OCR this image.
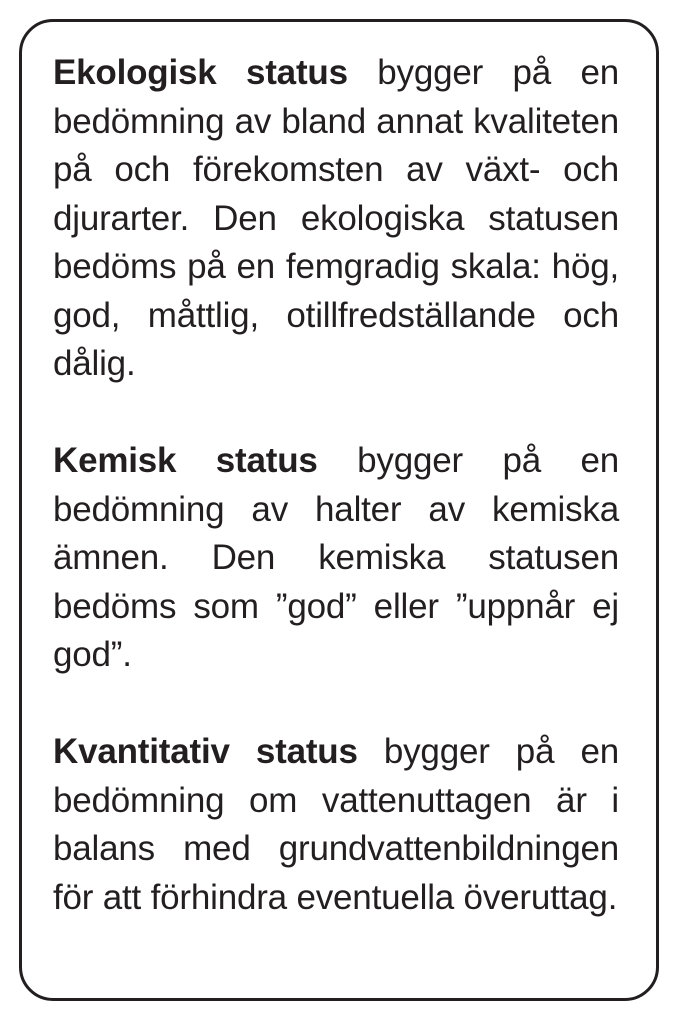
Ekologisk status bygger på en bedömning av bland annat kvaliteten på och förekomsten av växt- och djurarter. Den ekologiska statusen bedöms på en femgradig skala: hög, god, måttlig, otillfredställande och dålig.

Kemisk status bygger på en bedömning av halter av kemiska ämnen. Den kemiska statusen bedöms som ”god” eller ”uppnår ej god”.

Kvantitativ status bygger på en bedömning om vattenuttagen är i balans med grundvattenbildningen för att förhindra eventuella överuttag.
